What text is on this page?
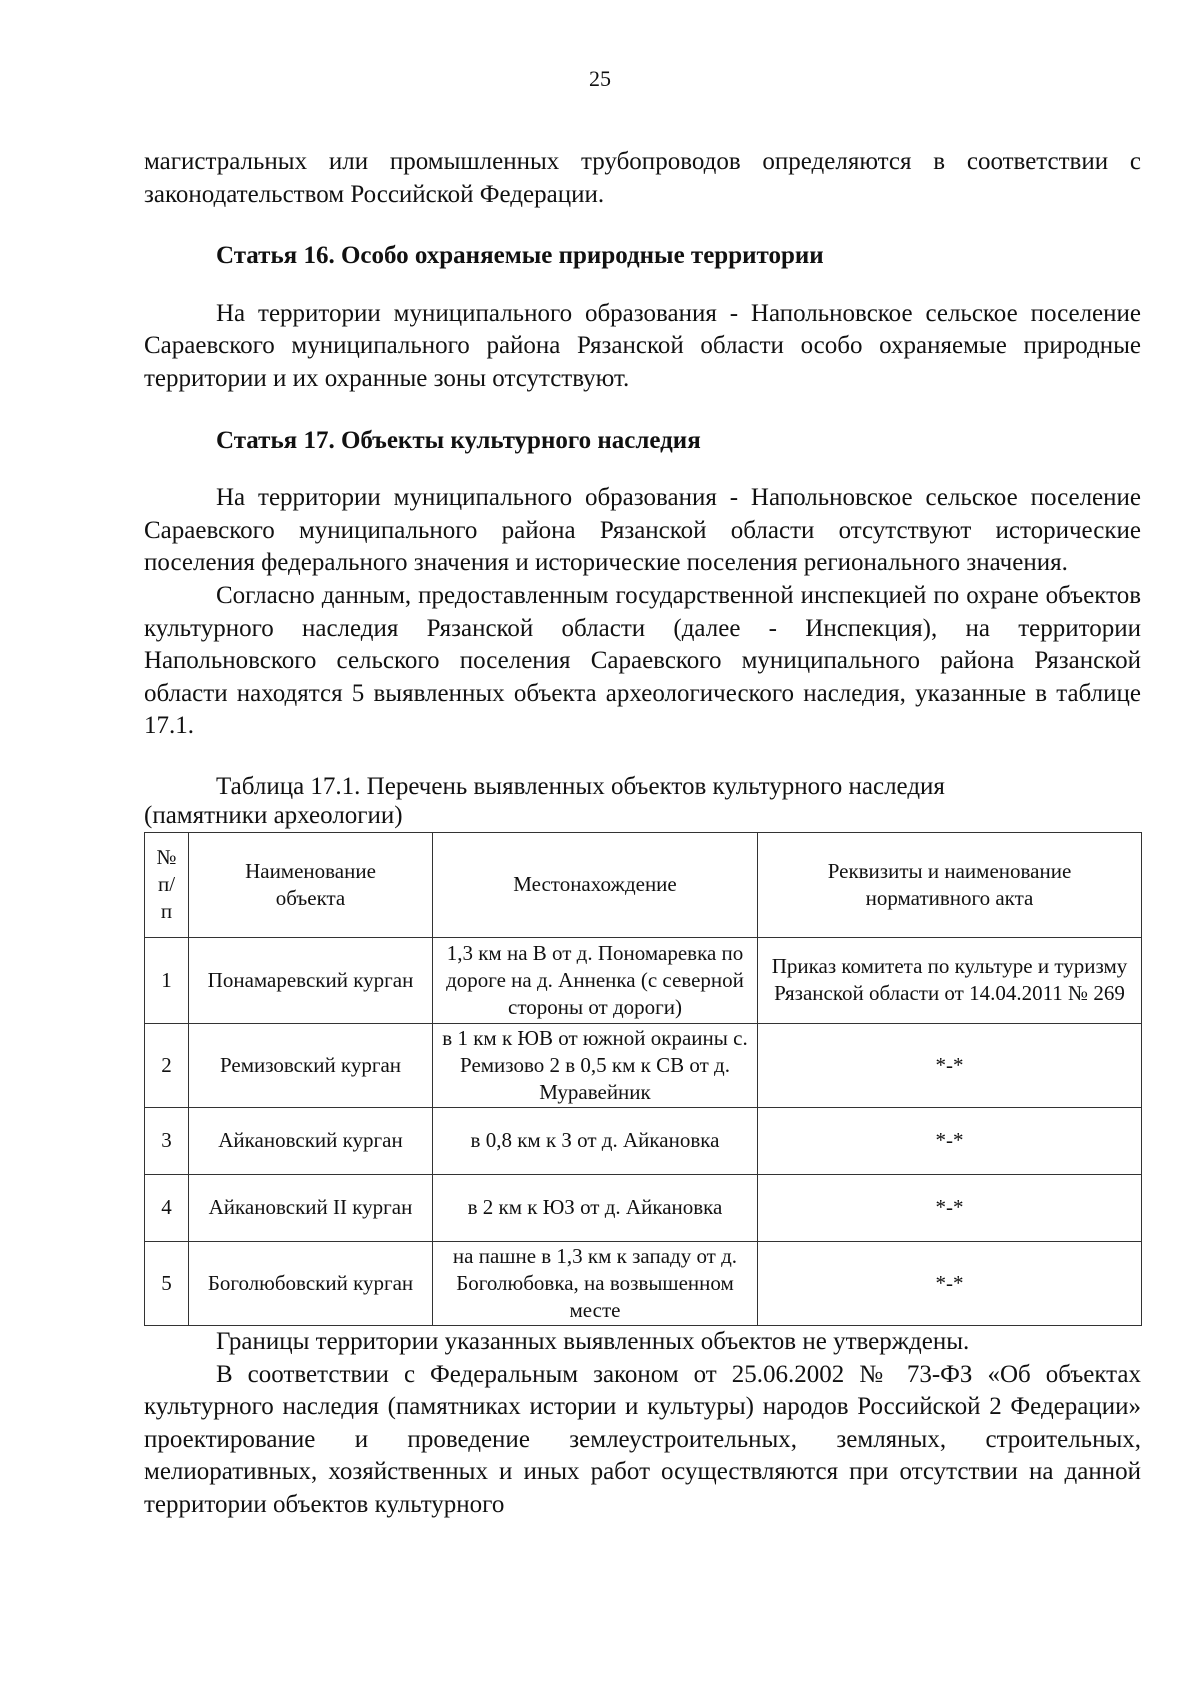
25

магистральных или промышленных трубопроводов определяются в соответствии с законодательством Российской Федерации.

Статья 16. Особо охраняемые природные территории

На территории муниципального образования - Напольновское сельское поселение Сараевского муниципального района Рязанской области особо охраняемые природные территории и их охранные зоны отсутствуют.

Статья 17. Объекты культурного наследия

На территории муниципального образования - Напольновское сельское поселение Сараевского муниципального района Рязанской области отсутствуют исторические поселения федерального значения и исторические поселения регионального значения.

Согласно данным, предоставленным государственной инспекцией по охране объектов культурного наследия Рязанской области (далее - Инспекция), на территории Напольновского сельского поселения Сараевского муниципального района Рязанской области находятся 5 выявленных объекта археологического наследия, указанные в таблице 17.1.

Таблица 17.1. Перечень выявленных объектов культурного наследия
(памятники археологии)

№ п/ п	Наименование объекта	Местонахождение	Реквизиты и наименование нормативного акта

1	Понамаревский курган	1,3 км на В от д. Пономаревка по дороге на д. Анненка (с северной стороны от дороги)	Приказ комитета по культуре и туризму Рязанской области от 14.04.2011 № 269
2	Ремизовский курган	в 1 км к ЮВ от южной окраины с. Ремизово 2 в 0,5 км к СВ от д. Муравейник	*-*
3	Айкановский курган	в 0,8 км к З от д. Айкановка	*-*
4	Айкановский II курган	в 2 км к ЮЗ от д. Айкановка	*-*
5	Боголюбовский курган	на пашне в 1,3 км к западу от д. Боголюбовка, на возвышенном месте	*-*

Границы территории указанных выявленных объектов не утверждены.

В соответствии с Федеральным законом от 25.06.2002 № 73-ФЗ «Об объектах культурного наследия (памятниках истории и культуры) народов Российской 2 Федерации» проектирование и проведение землеустроительных, земляных, строительных, мелиоративных, хозяйственных и иных работ осуществляются при отсутствии на данной территории объектов культурного
